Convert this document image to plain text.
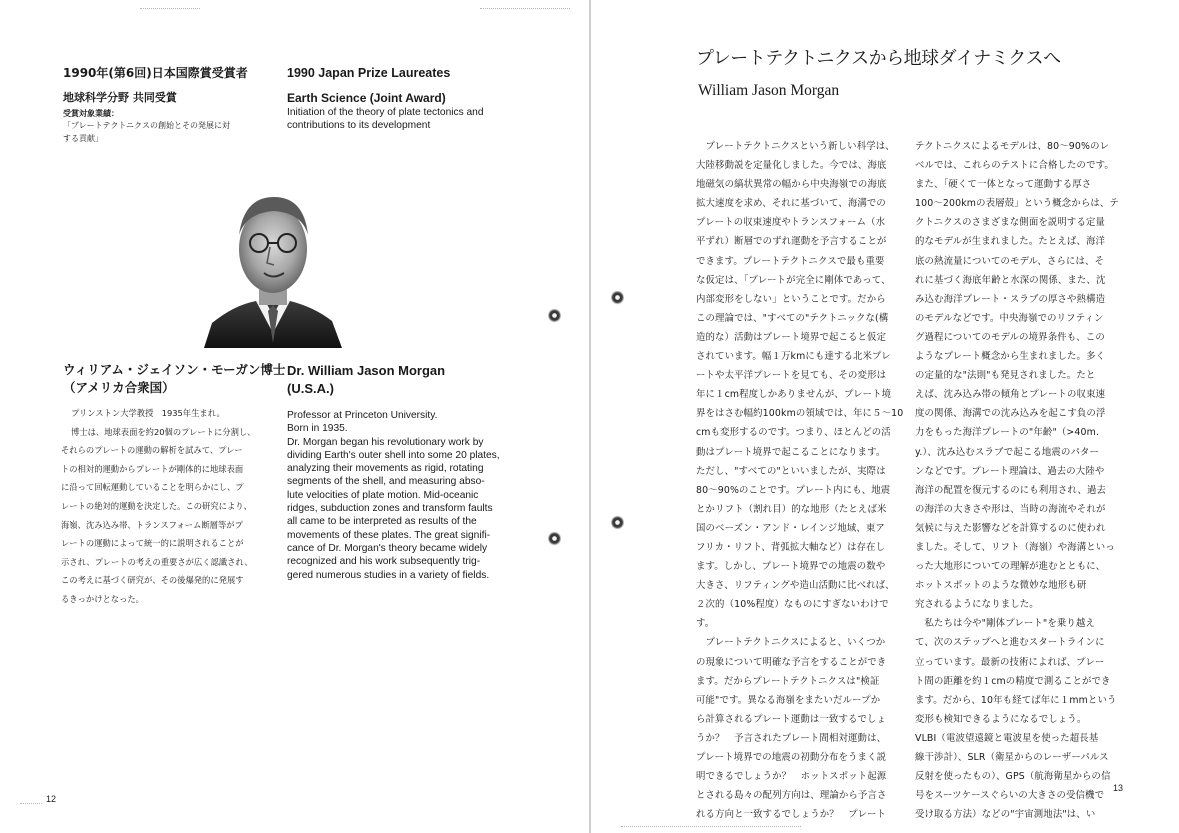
1990年(第6回)日本国際賞受賞者	1990 Japan Prize Laureates
地球科学分野 共同受賞	Earth Science (Joint Award)
受賞対象業績：
「プレートテクトニクスの創始とその発展に対
する貢献」
Initiation of the theory of plate tectonics and
contributions to its development
ウィリアム・ジェイソン・モーガン博士
（アメリカ合衆国）
Dr. William Jason Morgan
(U.S.A.)
プリンストン大学教授　1935年生まれ。
博士は、地球表面を約20個のプレートに分割し、
それらのプレートの運動の解析を試みて、プレー
トの相対的運動からプレートが剛体的に地球表面
に沿って回転運動していることを明らかにし、プ
レートの絶対的運動を決定した。この研究により、
海嶺、沈み込み帯、トランスフォーム断層等がプ
レートの運動によって統一的に説明されることが
示され、プレートの考えの重要さが広く認識され、
この考えに基づく研究が、その後爆発的に発展す
るきっかけとなった。
Professor at Princeton University.
Born in 1935.
Dr. Morgan began his revolutionary work by
dividing Earth's outer shell into some 20 plates,
analyzing their movements as rigid, rotating
segments of the shell, and measuring abso-
lute velocities of plate motion. Mid-oceanic
ridges, subduction zones and transform faults
all came to be interpreted as results of the
movements of these plates. The great signifi-
cance of Dr. Morgan's theory became widely
recognized and his work subsequently trig-
gered numerous studies in a variety of fields.
12
プレートテクトニクスから地球ダイナミクスへ
William Jason Morgan
　プレートテクトニクスという新しい科学は、
大陸移動説を定量化しました。今では、海底
地磁気の縞状異常の幅から中央海嶺での海底
拡大速度を求め、それに基づいて、海溝での
プレートの収束速度やトランスフォーム（水
平ずれ）断層でのずれ運動を予言することが
できます。プレートテクトニクスで最も重要
な仮定は、「プレートが完全に剛体であって、
内部変形をしない」ということです。だから
この理論では、"すべての"テクトニックな(構
造的な）活動はプレート境界で起こると仮定
されています。幅１万kmにも達する北米プレ
ートや太平洋プレートを見ても、その変形は
年に１cm程度しかありませんが、プレート境
界をはさむ幅約100kmの領域では、年に５～10
cmも変形するのです。つまり、ほとんどの活
動はプレート境界で起こることになります。
ただし、"すべての"といいましたが、実際は
80～90%のことです。プレート内にも、地震
とかリフト（割れ目）的な地形（たとえば米
国のベーズン・アンド・レインジ地域、東ア
フリカ・リフト、背弧拡大軸など）は存在し
ます。しかし、プレート境界での地震の数や
大きさ、リフティングや造山活動に比べれば、
２次的（10%程度）なものにすぎないわけで
す。
　プレートテクトニクスによると、いくつか
の現象について明確な予言をすることができ
ます。だからプレートテクトニクスは"検証
可能"です。異なる海嶺をまたいだループか
ら計算されるプレート運動は一致するでしょ
うか？　予言されたプレート間相対運動は、
プレート境界での地震の初動分布をうまく説
明できるでしょうか？　ホットスポット起源
とされる島々の配列方向は、理論から予言さ
れる方向と一致するでしょうか？　プレート
テクトニクスによるモデルは、80～90%のレ
ベルでは、これらのテストに合格したのです。
また、「硬くて一体となって運動する厚さ
100～200kmの表層殻」という概念からは、テ
クトニクスのさまざまな側面を説明する定量
的なモデルが生まれました。たとえば、海洋
底の熱流量についてのモデル、さらには、そ
れに基づく海底年齢と水深の関係、また、沈
み込む海洋プレート・スラブの厚さや熱構造
のモデルなどです。中央海嶺でのリフティン
グ過程についてのモデルの境界条件も、この
ようなプレート概念から生まれました。多く
の定量的な"法則"も発見されました。たと
えば、沈み込み帯の傾角とプレートの収束速
度の関係、海溝での沈み込みを起こす負の浮
力をもった海洋プレートの"年齢"（>40m.
y.）、沈み込むスラブで起こる地震のパター
ンなどです。プレート理論は、過去の大陸や
海洋の配置を復元するのにも利用され、過去
の海洋の大きさや形は、当時の海流やそれが
気候に与えた影響などを計算するのに使われ
ました。そして、リフト（海嶺）や海溝といっ
った大地形についての理解が進むとともに、
ホットスポットのような微妙な地形も研
究されるようになりました。
　私たちは今や"剛体プレート"を乗り越え
て、次のステップへと進むスタートラインに
立っています。最新の技術によれば、プレー
ト間の距離を約１cmの精度で測ることができ
ます。だから、10年も経てば年に１mmという
変形も検知できるようになるでしょう。
VLBI（電波望遠鏡と電波星を使った超長基
線干渉計）、SLR（衛星からのレーザーパルス
反射を使ったもの）、GPS（航海衛星からの信
号をスーツケースぐらいの大きさの受信機で
受け取る方法）などの"宇宙測地法"は、い
13
